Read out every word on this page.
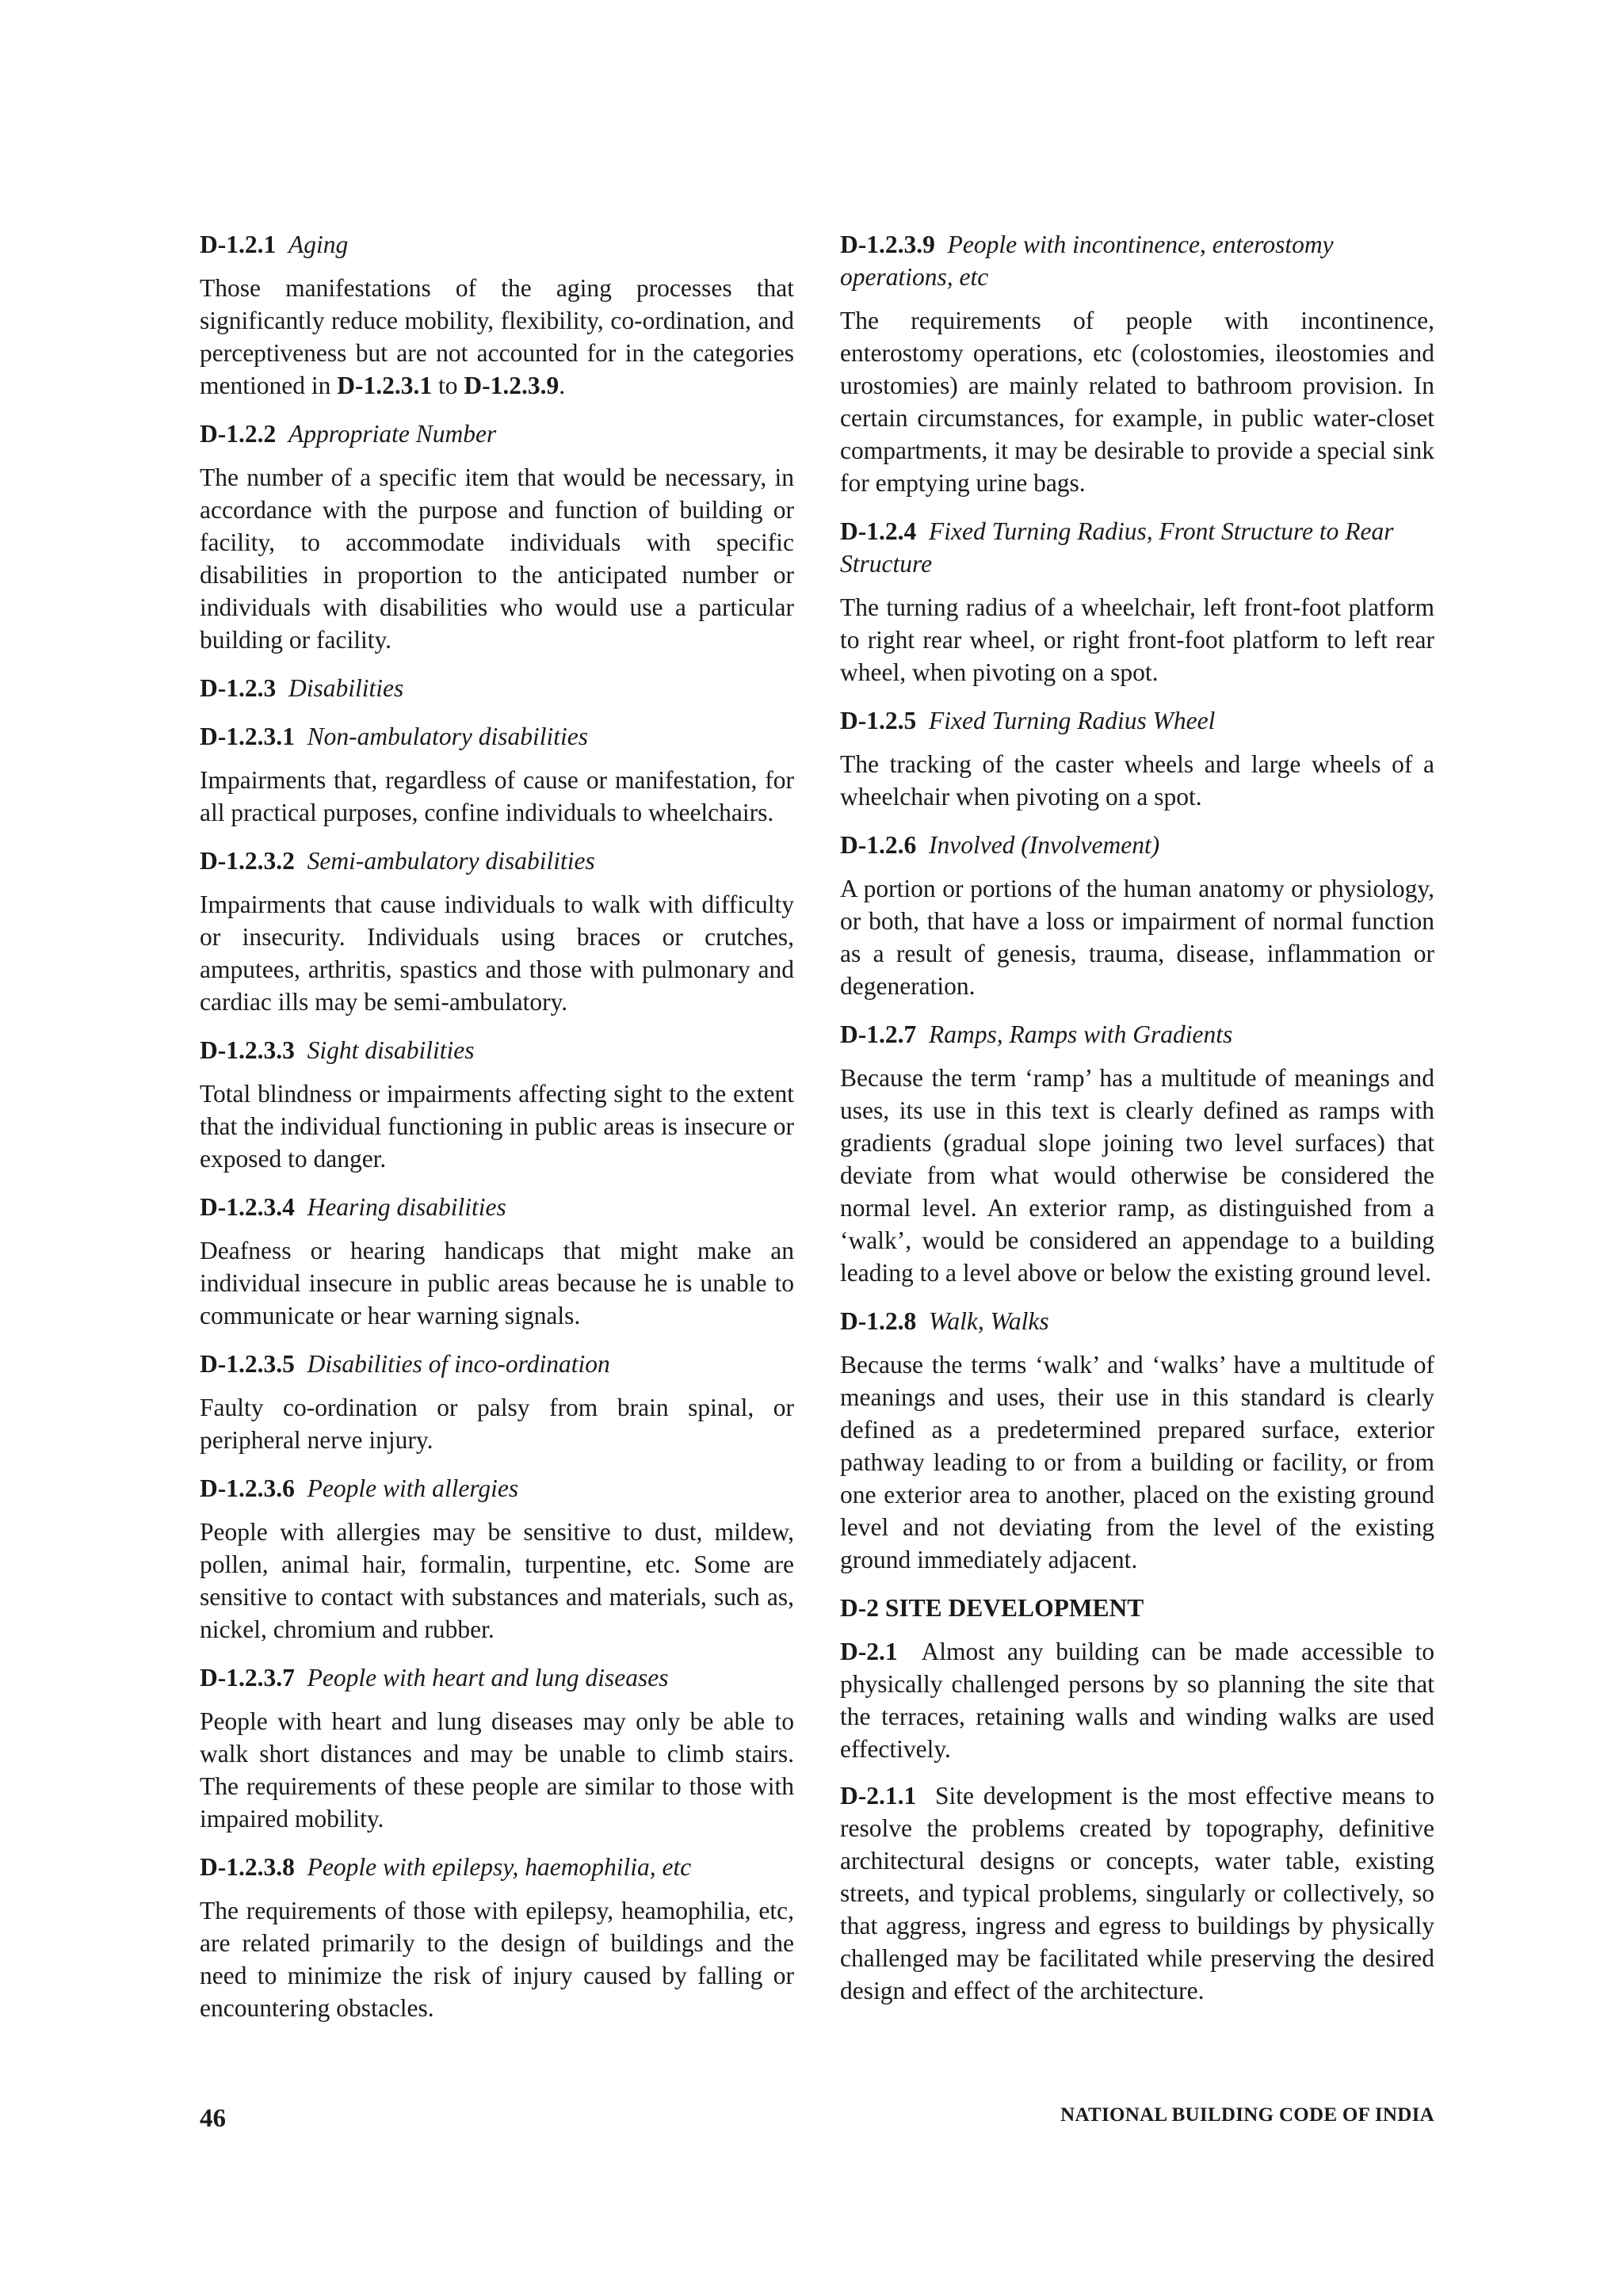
D-1.2.1 Aging
Those manifestations of the aging processes that significantly reduce mobility, flexibility, co-ordination, and perceptiveness but are not accounted for in the categories mentioned in D-1.2.3.1 to D-1.2.3.9.
D-1.2.2 Appropriate Number
The number of a specific item that would be necessary, in accordance with the purpose and function of building or facility, to accommodate individuals with specific disabilities in proportion to the anticipated number or individuals with disabilities who would use a particular building or facility.
D-1.2.3 Disabilities
D-1.2.3.1 Non-ambulatory disabilities
Impairments that, regardless of cause or manifestation, for all practical purposes, confine individuals to wheelchairs.
D-1.2.3.2 Semi-ambulatory disabilities
Impairments that cause individuals to walk with difficulty or insecurity. Individuals using braces or crutches, amputees, arthritis, spastics and those with pulmonary and cardiac ills may be semi-ambulatory.
D-1.2.3.3 Sight disabilities
Total blindness or impairments affecting sight to the extent that the individual functioning in public areas is insecure or exposed to danger.
D-1.2.3.4 Hearing disabilities
Deafness or hearing handicaps that might make an individual insecure in public areas because he is unable to communicate or hear warning signals.
D-1.2.3.5 Disabilities of inco-ordination
Faulty co-ordination or palsy from brain spinal, or peripheral nerve injury.
D-1.2.3.6 People with allergies
People with allergies may be sensitive to dust, mildew, pollen, animal hair, formalin, turpentine, etc. Some are sensitive to contact with substances and materials, such as, nickel, chromium and rubber.
D-1.2.3.7 People with heart and lung diseases
People with heart and lung diseases may only be able to walk short distances and may be unable to climb stairs. The requirements of these people are similar to those with impaired mobility.
D-1.2.3.8 People with epilepsy, haemophilia, etc
The requirements of those with epilepsy, heamophilia, etc, are related primarily to the design of buildings and the need to minimize the risk of injury caused by falling or encountering obstacles.
D-1.2.3.9 People with incontinence, enterostomy operations, etc
The requirements of people with incontinence, enterostomy operations, etc (colostomies, ileostomies and urostomies) are mainly related to bathroom provision. In certain circumstances, for example, in public water-closet compartments, it may be desirable to provide a special sink for emptying urine bags.
D-1.2.4 Fixed Turning Radius, Front Structure to Rear Structure
The turning radius of a wheelchair, left front-foot platform to right rear wheel, or right front-foot platform to left rear wheel, when pivoting on a spot.
D-1.2.5 Fixed Turning Radius Wheel
The tracking of the caster wheels and large wheels of a wheelchair when pivoting on a spot.
D-1.2.6 Involved (Involvement)
A portion or portions of the human anatomy or physiology, or both, that have a loss or impairment of normal function as a result of genesis, trauma, disease, inflammation or degeneration.
D-1.2.7 Ramps, Ramps with Gradients
Because the term ‘ramp’ has a multitude of meanings and uses, its use in this text is clearly defined as ramps with gradients (gradual slope joining two level surfaces) that deviate from what would otherwise be considered the normal level. An exterior ramp, as distinguished from a ‘walk’, would be considered an appendage to a building leading to a level above or below the existing ground level.
D-1.2.8 Walk, Walks
Because the terms ‘walk’ and ‘walks’ have a multitude of meanings and uses, their use in this standard is clearly defined as a predetermined prepared surface, exterior pathway leading to or from a building or facility, or from one exterior area to another, placed on the existing ground level and not deviating from the level of the existing ground immediately adjacent.
D-2 SITE DEVELOPMENT
D-2.1 Almost any building can be made accessible to physically challenged persons by so planning the site that the terraces, retaining walls and winding walks are used effectively.
D-2.1.1 Site development is the most effective means to resolve the problems created by topography, definitive architectural designs or concepts, water table, existing streets, and typical problems, singularly or collectively, so that aggress, ingress and egress to buildings by physically challenged may be facilitated while preserving the desired design and effect of the architecture.
46	NATIONAL BUILDING CODE OF INDIA
